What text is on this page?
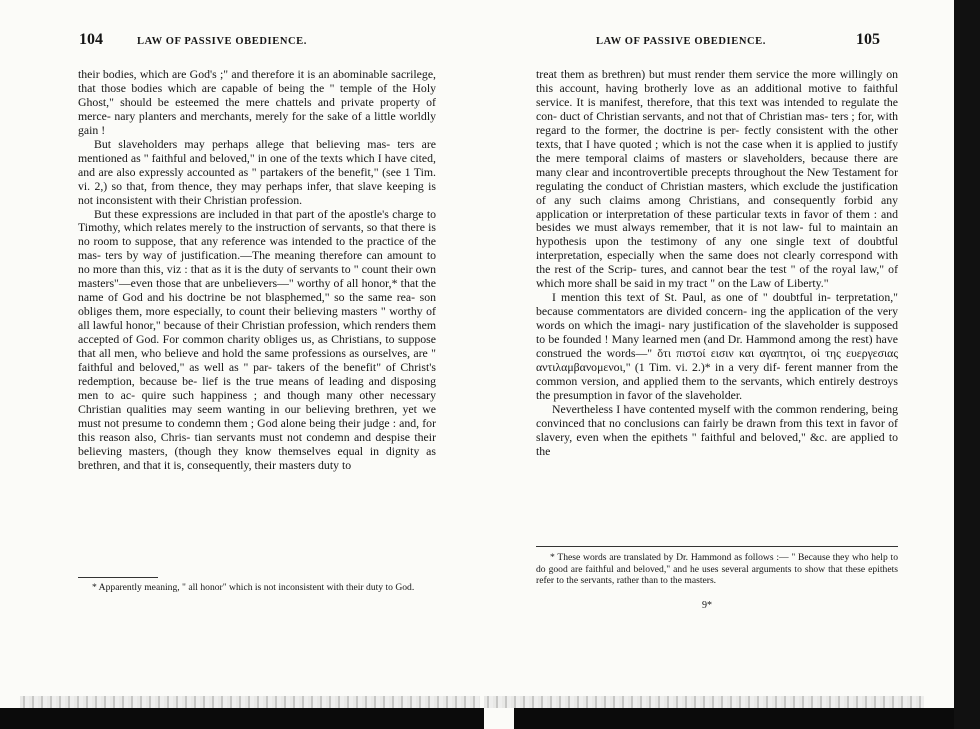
104	LAW OF PASSIVE OBEDIENCE.

their bodies, which are God's ;" and therefore it is an abominable sacrilege, that those bodies which are capable of being the " temple of the Holy Ghost," should be esteemed the mere chattels and private property of merce- nary planters and merchants, merely for the sake of a little worldly gain !

But slaveholders may perhaps allege that believing mas- ters are mentioned as " faithful and beloved," in one of the texts which I have cited, and are also expressly accounted as " partakers of the benefit," (see 1 Tim. vi. 2,) so that, from thence, they may perhaps infer, that slave keeping is not inconsistent with their Christian profession.

But these expressions are included in that part of the apostle's charge to Timothy, which relates merely to the instruction of servants, so that there is no room to suppose, that any reference was intended to the practice of the mas- ters by way of justification.—The meaning therefore can amount to no more than this, viz : that as it is the duty of servants to " count their own masters"—even those that are unbelievers—" worthy of all honor,* that the name of God and his doctrine be not blasphemed," so the same rea- son obliges them, more especially, to count their believing masters " worthy of all lawful honor," because of their Christian profession, which renders them accepted of God. For common charity obliges us, as Christians, to suppose that all men, who believe and hold the same professions as ourselves, are " faithful and beloved," as well as " par- takers of the benefit" of Christ's redemption, because be- lief is the true means of leading and disposing men to ac- quire such happiness ; and though many other necessary Christian qualities may seem wanting in our believing brethren, yet we must not presume to condemn them ; God alone being their judge : and, for this reason also, Chris- tian servants must not condemn and despise their believing masters, (though they know themselves equal in dignity as brethren, and that it is, consequently, their masters duty to

* Apparently meaning, " all honor" which is not inconsistent with their duty to God.

LAW OF PASSIVE OBEDIENCE.	105

treat them as brethren) but must render them service the more willingly on this account, having brotherly love as an additional motive to faithful service. It is manifest, therefore, that this text was intended to regulate the con- duct of Christian servants, and not that of Christian mas- ters ; for, with regard to the former, the doctrine is per- fectly consistent with the other texts, that I have quoted ; which is not the case when it is applied to justify the mere temporal claims of masters or slaveholders, because there are many clear and incontrovertible precepts throughout the New Testament for regulating the conduct of Christian masters, which exclude the justification of any such claims among Christians, and consequently forbid any application or interpretation of these particular texts in favor of them : and besides we must always remember, that it is not law- ful to maintain an hypothesis upon the testimony of any one single text of doubtful interpretation, especially when the same does not clearly correspond with the rest of the Scrip- tures, and cannot bear the test " of the royal law," of which more shall be said in my tract " on the Law of Liberty."

I mention this text of St. Paul, as one of " doubtful in- terpretation," because commentators are divided concern- ing the application of the very words on which the imagi- nary justification of the slaveholder is supposed to be founded ! Many learned men (and Dr. Hammond among the rest) have construed the words—" ὅτι πιστοί εισιν και αγαπητοι, οἱ της ευεργεσιας αντιλαμβανομενοι," (1 Tim. vi. 2.)* in a very dif- ferent manner from the common version, and applied them to the servants, which entirely destroys the presumption in favor of the slaveholder.

Nevertheless I have contented myself with the common rendering, being convinced that no conclusions can fairly be drawn from this text in favor of slavery, even when the epithets " faithful and beloved," &c. are applied to the

* These words are translated by Dr. Hammond as follows :— " Because they who help to do good are faithful and beloved," and he uses several arguments to show that these epithets refer to the servants, rather than to the masters.

9*
